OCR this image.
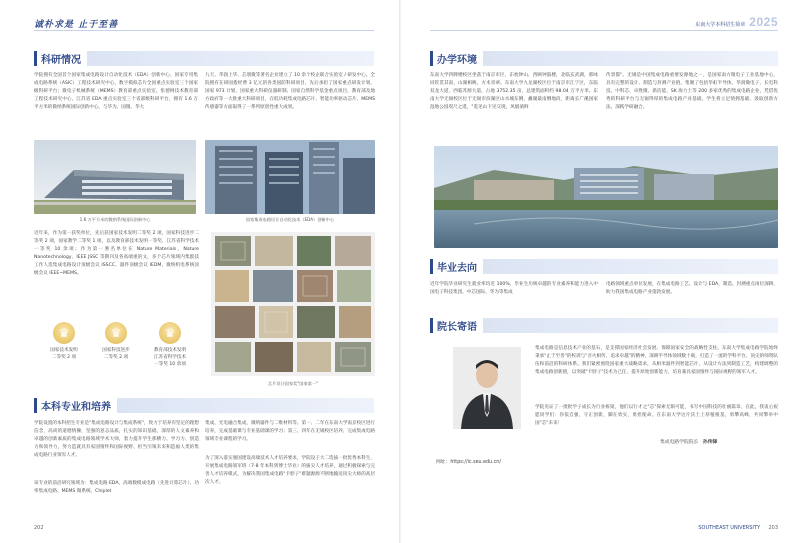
诚朴求是 止于至善	东南大学本科招生简章 2025
科研情况
学院拥有全国首个国家集成电路设计自动化技术（EDA）创新中心、国家专用集成电路系统（ASIC）工程技术研究中心、数字模拟芯片全国重点实验室三个国家级科研平台；微电子机械系统（MEMS）教育部重点实验室、怅德网技术教育部工程技术研究中心，江苏省 EDA 重点实验室三个省部级科研平台，拥有 1.6 万平方米的微纳系统国际创新中心。与华为、国微、华大
九天、华润上华、芯朋微等著名企业建立了 10 余个校企联合实验室 / 研发中心。全院拥有在研国拨经费 3 亿元的各类国防科研项目，先后承担了国家重点研发计划、国家 973 计划、国家重大科研仪器研制、国家自然科学基金重点项目，教育部及地方政府等一大批重大科研项目，在低功耗集成电路芯片、智能功率驱动芯片、MEMS 传感器等方面取得了一系列原创性重大成果。
1.6 万平方米的微纳系统国际创新中心	国家集成电路设计自动化技术（EDA）创新中心
近年来，作为第一获奖单位，先后获国家技术发明二等奖 2 项，国家科技进步二等奖 2 项，国家教学二等奖 1 项，以及教育部技术发明一等奖、江苏省科学技术一等奖 10 余项；作为第一署名单位在 Nature Materials、Nature Nanotechnology、IEEE JSSC 等期刊及各高端重的文，多个芯片领域内集群技工作人选集成电路设计顶级会议 ISSCC、器件顶级会议 IEDM、微纳机电系统顶级会议 IEEE~MEMS。
芯片设计国家奖"国家第一"
♛
国家技术发明
二等奖 2 项
♛
国家科技进步
二等奖 2 项
♛
教育部技术发明
江苏省科学技术
一等奖 10 余项
本科专业和培养
学院设置的本科招生专业是"集成电路设计与集成系统"，致力于培养有坚定的理想信念，高尚的道德情操，坚强的意志品质，扎实的知识基础，深厚的人文素养和卓越的创新素质的集成电路领域学术大师，着力提升学生那横力、学习力、创造力和领导力，努力造就具有家国情怀和国际视野、担当引领未来和造福人类的集成电路行业领军人才。
该专业的前沿研究领域为：集成电路 EDA、高端数模成电路（先进计算芯片）、功率集成电路、MEMS 微系统、Chiplet
集成、光电融合集成，微纳器件与二维材料等。第一、二年在东南大学南京校区进行培养，完成基础课与专业基础课的学习；第三、四年在无锡校区培养，完成集成电路领域专业课程的学习。
为了深入落实强国建设高端技术人才培养要求，学院设子大二选拔一批优秀本科生，开展集成电路领军班（7-8 年本科到博士毕业）的拔尖人才培养，通过积极探索与完善人才培养模式，为解决我国集成电路"卡脖子"难题源源不断地输送顶尖大师的高层次人才。
202
办学环境
东南大学四牌楼校区坐落于南京市区，东枕钟山、西顾钟鼓楼，北临玄武湖，那咏同钦贯其南，山湖相映，方术青翠。东南大学九龙湖校区位于南京市江宁区，东临双龙大道，西临苏源大道，占地 3752.35 亩，总建筑面积约 98.04 万平方米。东南大学无锡校区位于无锡市滨湖区山水城东侧，蠡湖最南侧地段，距离长广溪国家湿地公园咫尺之遥，"览见山下见交现，风烟淌鲜
传景都"。无锡是中国集成电路重要发源地之一，是国家南方微电子工业基地中心，具有完整的设计、制造与封测产业链，集聚了包括华虹半导体、华润微电子、长电科技、中科芯、卓胜微、新洁能、SK 海力士等 200 多家优秀的集成电路企业，凭借优秀的科研平台与无锡得厚的集成电路产业基础，学生将立足情拥基础、汲取创新方法，深践学研融合。
毕业去向
近年学院毕业研究生就业率均近 100%，毕业生历统卓越的专业素养和能力进入中国电子科技集团、中芯国际、华为等集成
电路领域重点单位发展，在集成电路工艺、设计与 EDA、制造、封测重点岗位深耕，助力我国集成电路产业蓬勃发展。
院长寄语
集成电路是信息技术产业的基石，是支撑国家经济社会发展、保障国家安全的战略性支柱。东南大学集成电路学院始终秉承"止于至善"的校训与"吾火相传，追求卓越"的精神，深耕半导体领域数十载，打造了一流的学科平台、顶尖的师资队伍和前沿的科研体系。我们紧密围绕国家重大战略需求，从相米器件到智能芯片，从设计方法到制造工艺，构建调整的集成电路创新链，以突破"卡脖子"技术为己任，提升原始创新能力，培育兼具家国情怀与国际视野的领军人才。
学院见证了一批批学子成长为行业栋梁，他们以行才之"芯"探索无限可能，书写中国科技的壮丽篇章。在此，我衷心祝愿同学们：你依自强，守正创新，脚在勇实，勇担使命。在东南大学这片沃土上厚植根基，勇攀高峰，共同擎举中国"芯"未来！
集成电路学院院长 孙伟锋
网址：https://ic.seu.edu.cn/
SOUTHEAST UNIVERSITY 203
